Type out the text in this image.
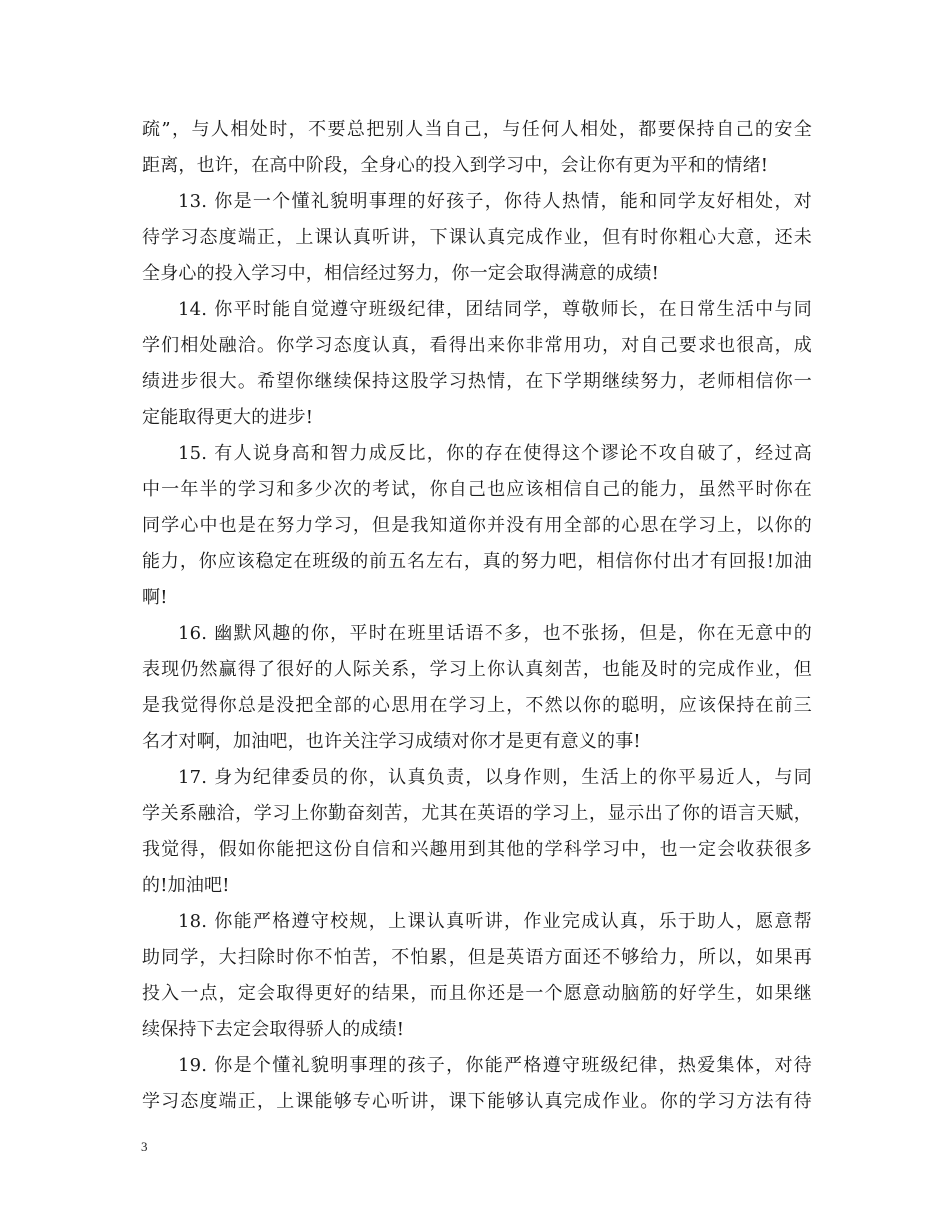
疏”，与人相处时，不要总把别人当自己，与任何人相处，都要保持自己的安全
距离，也许，在高中阶段，全身心的投入到学习中，会让你有更为平和的情绪!
13. 你是一个懂礼貌明事理的好孩子，你待人热情，能和同学友好相处，对
待学习态度端正，上课认真听讲，下课认真完成作业，但有时你粗心大意，还未
全身心的投入学习中，相信经过努力，你一定会取得满意的成绩!
14. 你平时能自觉遵守班级纪律，团结同学，尊敬师长，在日常生活中与同
学们相处融洽。你学习态度认真，看得出来你非常用功，对自己要求也很高，成
绩进步很大。希望你继续保持这股学习热情，在下学期继续努力，老师相信你一
定能取得更大的进步!
15. 有人说身高和智力成反比，你的存在使得这个谬论不攻自破了，经过高
中一年半的学习和多少次的考试，你自己也应该相信自己的能力，虽然平时你在
同学心中也是在努力学习，但是我知道你并没有用全部的心思在学习上，以你的
能力，你应该稳定在班级的前五名左右，真的努力吧，相信你付出才有回报!加油
啊!
16. 幽默风趣的你，平时在班里话语不多，也不张扬，但是，你在无意中的
表现仍然赢得了很好的人际关系，学习上你认真刻苦，也能及时的完成作业，但
是我觉得你总是没把全部的心思用在学习上，不然以你的聪明，应该保持在前三
名才对啊，加油吧，也许关注学习成绩对你才是更有意义的事!
17. 身为纪律委员的你，认真负责，以身作则，生活上的你平易近人，与同
学关系融洽，学习上你勤奋刻苦，尤其在英语的学习上，显示出了你的语言天赋，
我觉得，假如你能把这份自信和兴趣用到其他的学科学习中，也一定会收获很多
的!加油吧!
18. 你能严格遵守校规，上课认真听讲，作业完成认真，乐于助人，愿意帮
助同学，大扫除时你不怕苦，不怕累，但是英语方面还不够给力，所以，如果再
投入一点，定会取得更好的结果，而且你还是一个愿意动脑筋的好学生，如果继
续保持下去定会取得骄人的成绩!
19. 你是个懂礼貌明事理的孩子，你能严格遵守班级纪律，热爱集体，对待
学习态度端正，上课能够专心听讲，课下能够认真完成作业。你的学习方法有待
3
